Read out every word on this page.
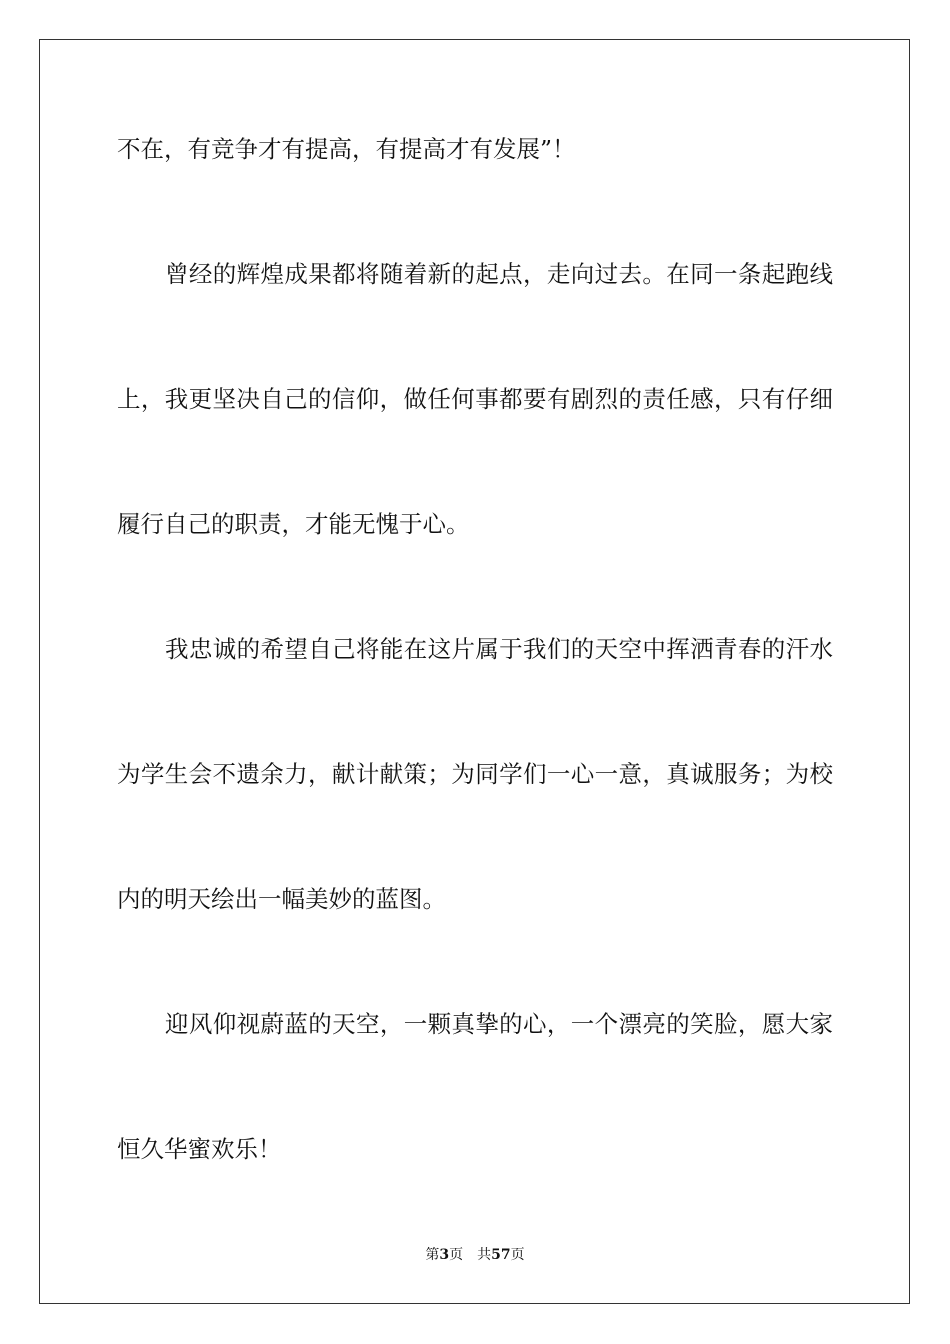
不在，有竞争才有提高，有提高才有发展”！
曾经的辉煌成果都将随着新的起点，走向过去。在同一条起跑线
上，我更坚决自己的信仰，做任何事都要有剧烈的责任感，只有仔细
履行自己的职责，才能无愧于心。
我忠诚的希望自己将能在这片属于我们的天空中挥洒青春的汗水
为学生会不遗余力，献计献策；为同学们一心一意，真诚服务；为校
内的明天绘出一幅美妙的蓝图。
迎风仰视蔚蓝的天空，一颗真挚的心，一个漂亮的笑脸，愿大家
恒久华蜜欢乐！
第3页 共57页
